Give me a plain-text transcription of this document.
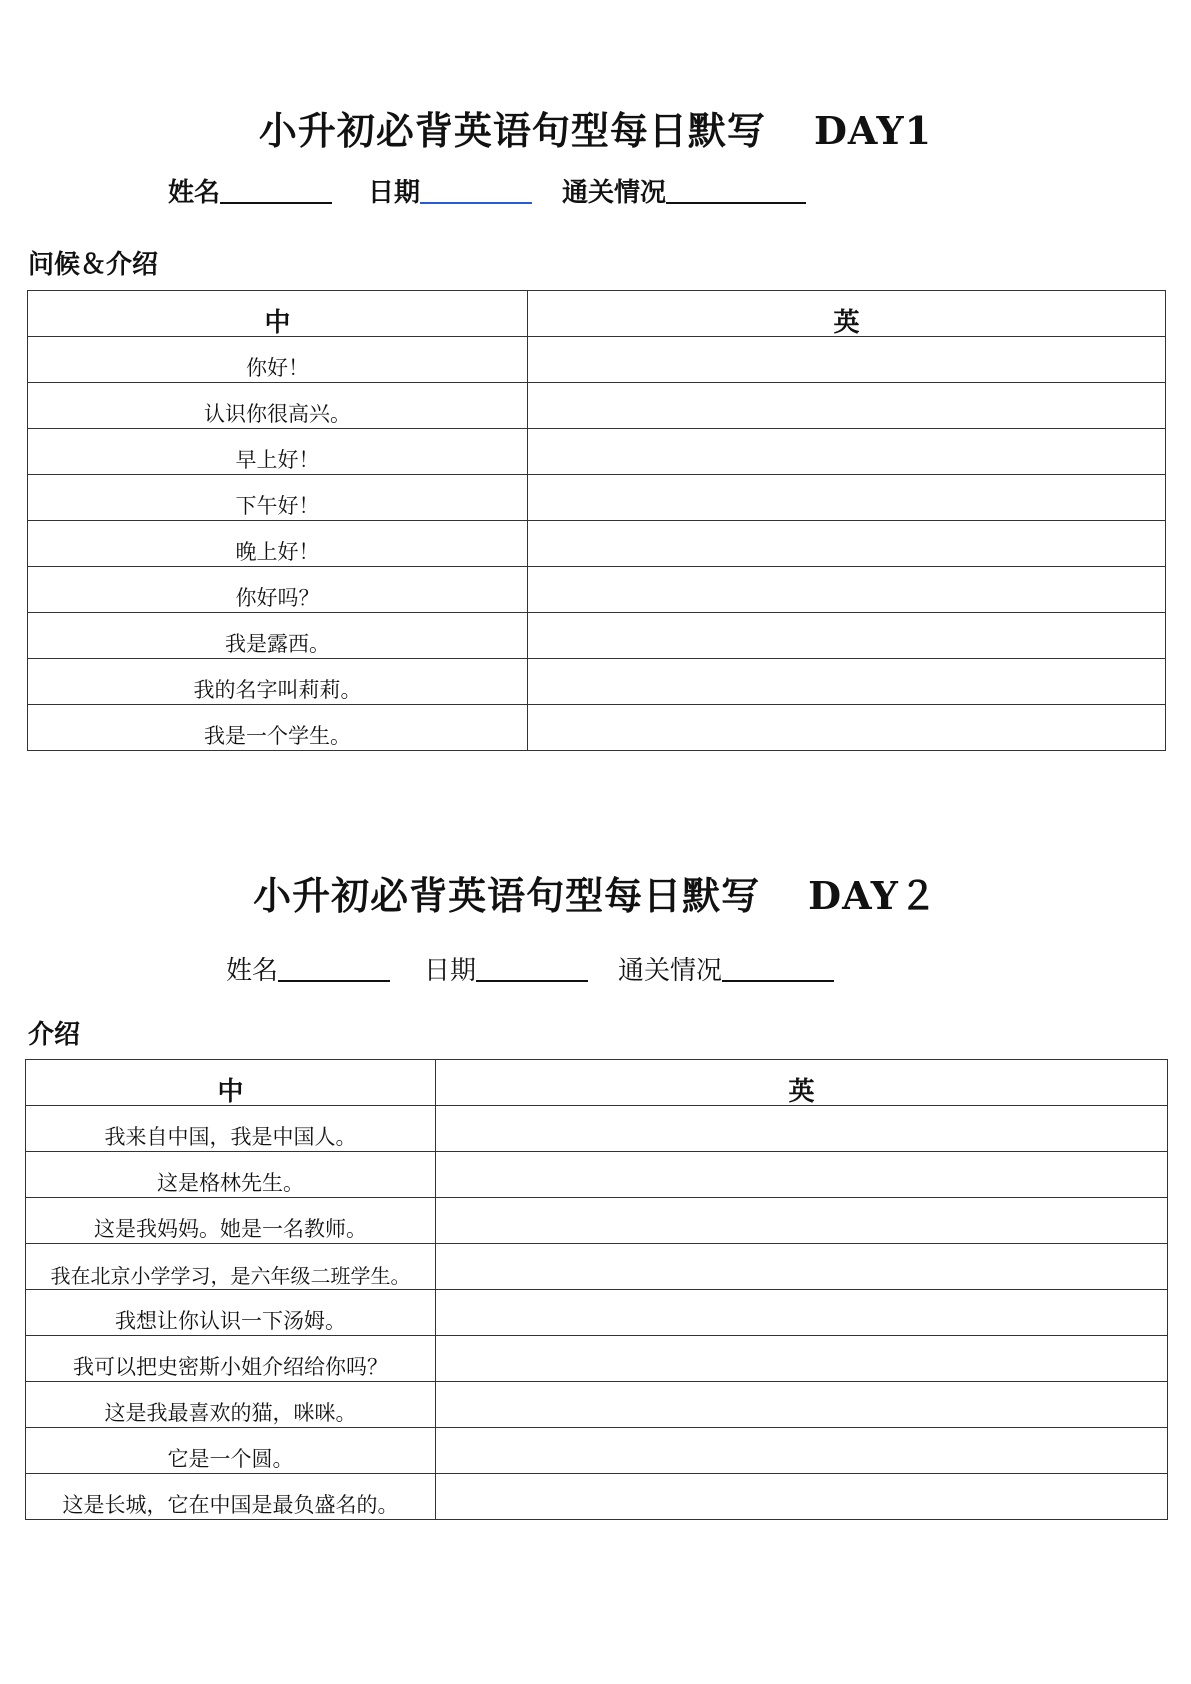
小升初必背英语句型每日默写 DAY1
姓名	日期	通关情况
问候＆介绍
中	英
你好！	
认识你很高兴。	
早上好！	
下午好！	
晚上好！	
你好吗？	
我是露西。	
我的名字叫莉莉。	
我是一个学生。	
小升初必背英语句型每日默写 DAY２
姓名	日期	通关情况
介绍
中	英
我来自中国，我是中国人。	
这是格林先生。	
这是我妈妈。她是一名教师。	
我在北京小学学习，是六年级二班学生。	
我想让你认识一下汤姆。	
我可以把史密斯小姐介绍给你吗？	
这是我最喜欢的猫，咪咪。	
它是一个圆。	
这是长城，它在中国是最负盛名的。	
